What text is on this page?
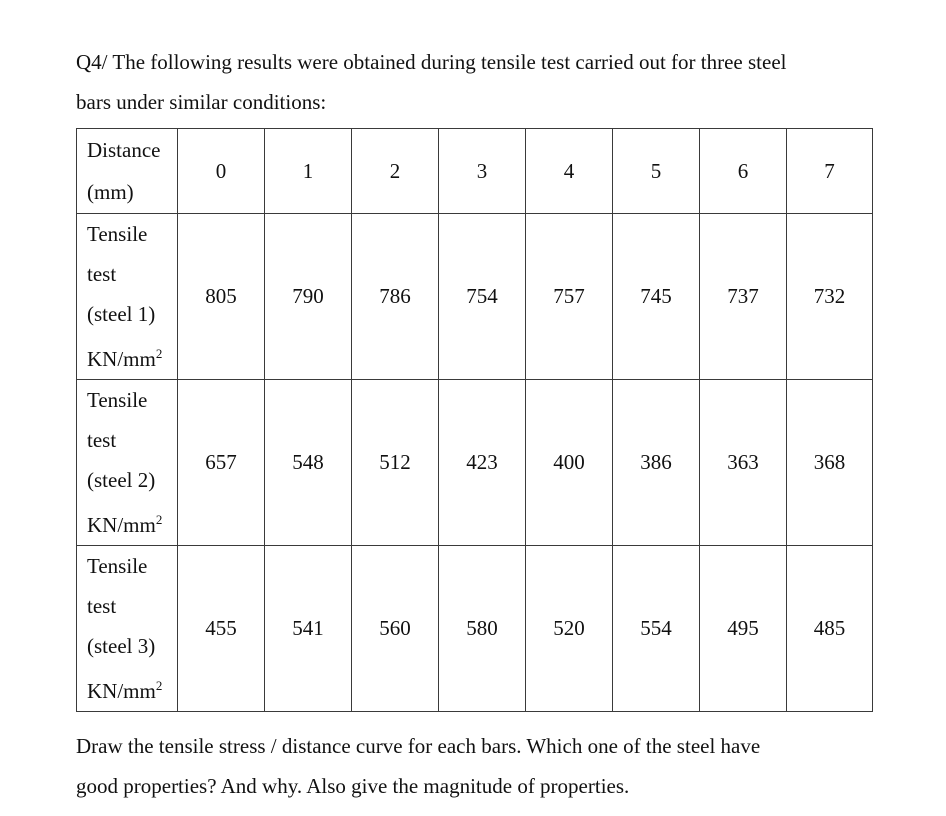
Q4/ The following results were obtained during tensile test carried out for three steel
bars under similar conditions:
Distance
(mm)	0	1	2	3	4	5	6	7

Tensile
test
(steel 1)
$KN/mm^2$	805	790	786	754	757	745	737	732

Tensile
test
(steel 2)
$KN/mm^2$	657	548	512	423	400	386	363	368

Tensile
test
(steel 3)
$KN/mm^2$	455	541	560	580	520	554	495	485
Draw the tensile stress / distance curve for each bars. Which one of the steel have
good properties? And why. Also give the magnitude of properties.
